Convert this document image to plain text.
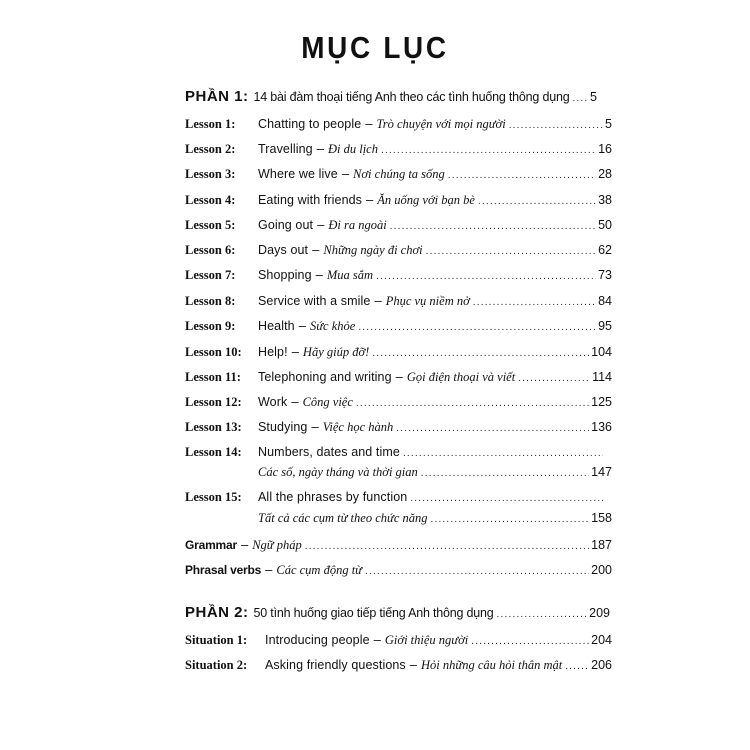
MỤC LỤC
PHẦN 1: 14 bài đàm thoại tiếng Anh theo các tình huống thông dụng ..... 5
Lesson 1:	Chatting to people – Trò chuyện với mọi người .....	5
Lesson 2:	Travelling – Đi du lịch .....	16
Lesson 3:	Where we live – Nơi chúng ta sống .....	28
Lesson 4:	Eating with friends – Ăn uống với bạn bè .....	38
Lesson 5:	Going out – Đi ra ngoài .....	50
Lesson 6:	Days out – Những ngày đi chơi .....	62
Lesson 7:	Shopping – Mua sắm .....	73
Lesson 8:	Service with a smile – Phục vụ niềm nở .....	84
Lesson 9:	Health – Sức khỏe .....	95
Lesson 10:	Help! – Hãy giúp đỡ! .....	104
Lesson 11:	Telephoning and writing – Gọi điện thoại và viết .....	114
Lesson 12:	Work – Công việc .....	125
Lesson 13:	Studying – Việc học hành .....	136
Lesson 14:	Numbers, dates and time
.....
Các số, ngày tháng và thời gian .....	147
Lesson 15:	All the phrases by function
.....
Tất cả các cụm từ theo chức năng .....	158
Grammar – Ngữ pháp .....	187
Phrasal verbs – Các cụm động từ .....	200
PHẦN 2: 50 tình huống giao tiếp tiếng Anh thông dụng .....	209
Situation 1:	Introducing people – Giới thiệu người .....	204
Situation 2:	Asking friendly questions – Hỏi những câu hỏi thân mật ..... 206
